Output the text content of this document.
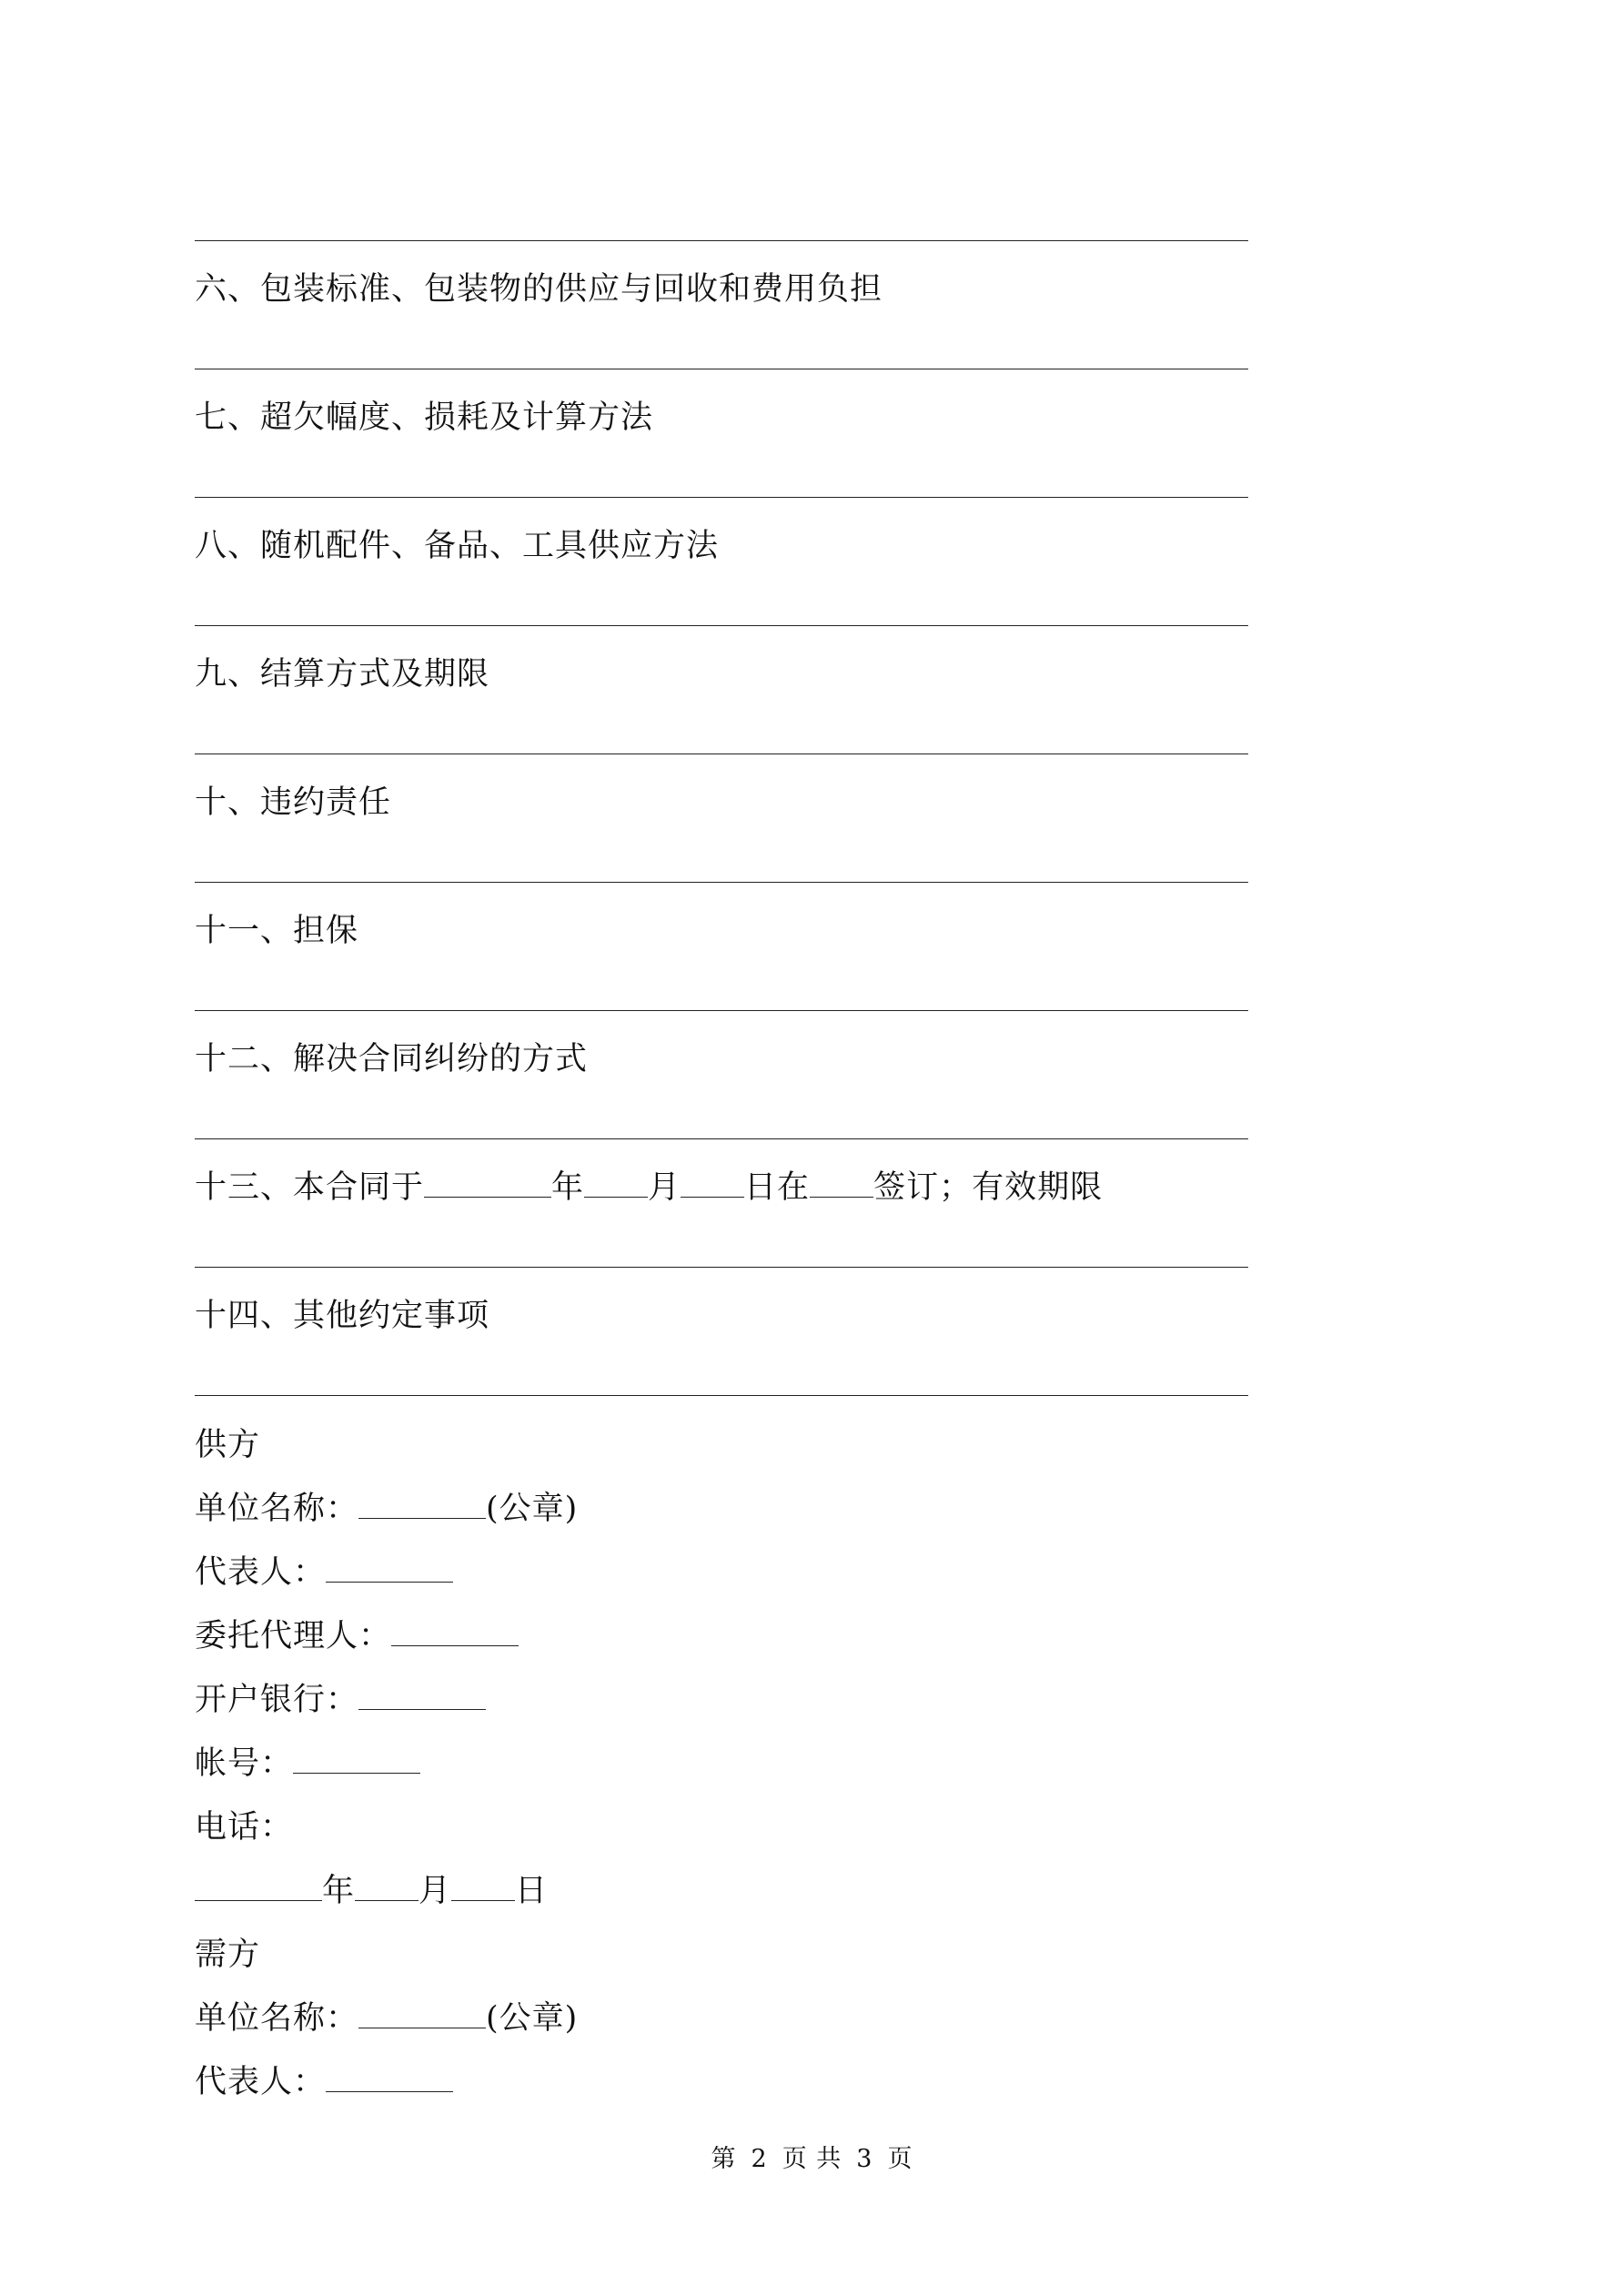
六、包装标准、包装物的供应与回收和费用负担
七、超欠幅度、损耗及计算方法
八、随机配件、备品、工具供应方法
九、结算方式及期限
十、违约责任
十一、担保
十二、解决合同纠纷的方式
十三、本合同于	年 月 日在 签订；有效期限
十四、其他约定事项
供方
单位名称：	(公章)
代表人：
委托代理人：
开户银行：
帐号：
电话：
年 月 日
需方
单位名称：	(公章)
代表人：
第 2 页 共 3 页
